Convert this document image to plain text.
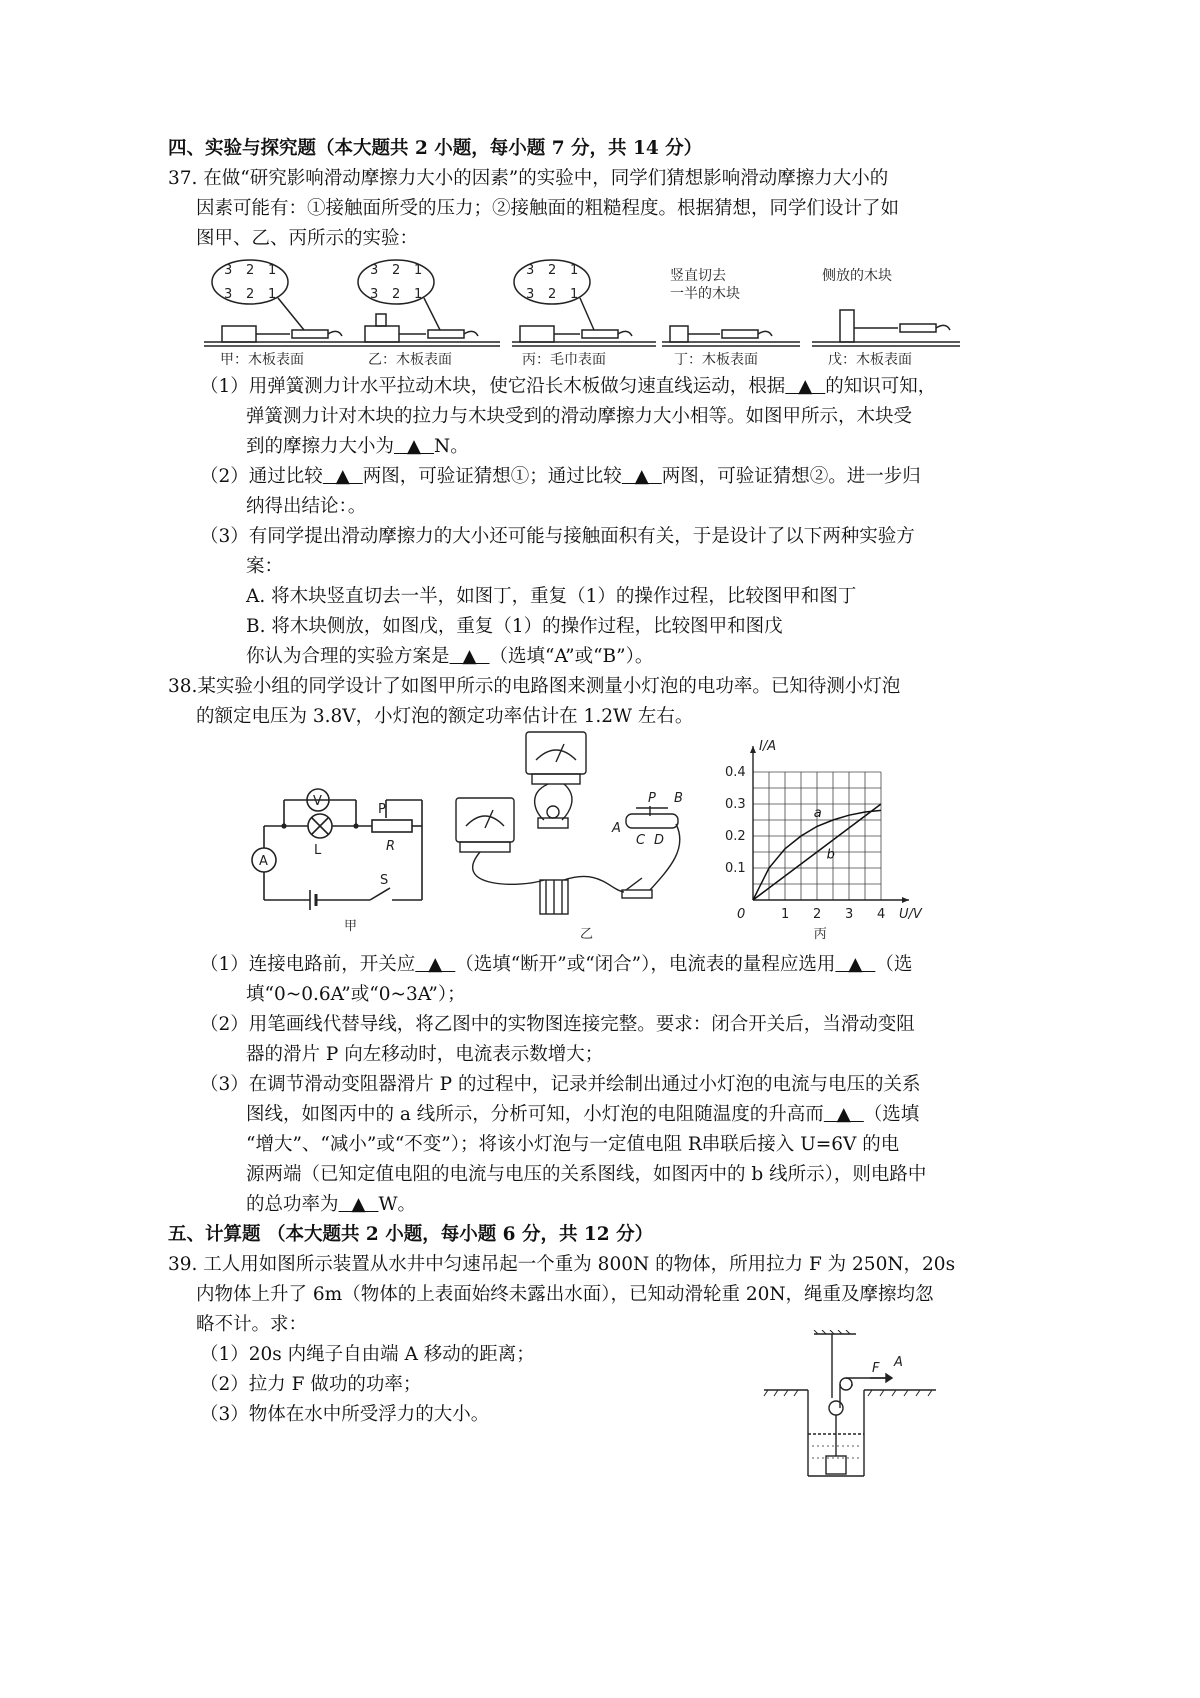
四、实验与探究题（本大题共 2 小题，每小题 7 分，共 14 分）
37. 在做“研究影响滑动摩擦力大小的因素”的实验中，同学们猜想影响滑动摩擦力大小的
因素可能有：①接触面所受的压力；②接触面的粗糙程度。根据猜想，同学们设计了如
图甲、乙、丙所示的实验：
3 2 1
3 2 1
3 2 1
3 2 1
3 2 1
3 2 1
竖直切去
一半的木块
侧放的木块
甲：木板表面	乙：木板表面	丙：毛巾表面	丁：木板表面	戊：木板表面
（1）用弹簧测力计水平拉动木块，使它沿长木板做匀速直线运动，根据  ▲  的知识可知，
弹簧测力计对木块的拉力与木块受到的滑动摩擦力大小相等。如图甲所示，木块受
到的摩擦力大小为  ▲  N。
（2）通过比较  ▲  两图，可验证猜想①；通过比较  ▲  两图，可验证猜想②。进一步归
纳得出结论：。
（3）有同学提出滑动摩擦力的大小还可能与接触面积有关，于是设计了以下两种实验方
案：
A. 将木块竖直切去一半，如图丁，重复（1）的操作过程，比较图甲和图丁
B. 将木块侧放，如图戊，重复（1）的操作过程，比较图甲和图戊
你认为合理的实验方案是  ▲  （选填“A”或“B”）。
38.某实验小组的同学设计了如图甲所示的电路图来测量小灯泡的电功率。已知待测小灯泡
的额定电压为 3.8V，小灯泡的额定功率估计在 1.2W 左右。
V
L
P
R
A
S
甲
P B
A
C D
乙
0	1 2 3 4
0.1
0.2
0.3
0.4
U/V
I/A
a
b
丙
（1）连接电路前，开关应  ▲  （选填“断开”或“闭合”），电流表的量程应选用  ▲  （选
填“0~0.6A”或“0~3A”）；
（2）用笔画线代替导线，将乙图中的实物图连接完整。要求：闭合开关后，当滑动变阻
器的滑片 P 向左移动时，电流表示数增大；
（3）在调节滑动变阻器滑片 P 的过程中，记录并绘制出通过小灯泡的电流与电压的关系
图线，如图丙中的 a 线所示，分析可知，小灯泡的电阻随温度的升高而  ▲  （选填
“增大”、“减小”或“不变”）；将该小灯泡与一定值电阻 R串联后接入 U=6V 的电
源两端（已知定值电阻的电流与电压的关系图线，如图丙中的 b 线所示），则电路中
的总功率为  ▲  W。
五、计算题 （本大题共 2 小题，每小题 6 分，共 12 分）
39. 工人用如图所示装置从水井中匀速吊起一个重为 800N 的物体，所用拉力 F 为 250N，20s
内物体上升了 6m（物体的上表面始终未露出水面），已知动滑轮重 20N，绳重及摩擦均忽
略不计。求：
（1）20s 内绳子自由端 A 移动的距离；
（2）拉力 F 做功的功率；
（3）物体在水中所受浮力的大小。
F A
